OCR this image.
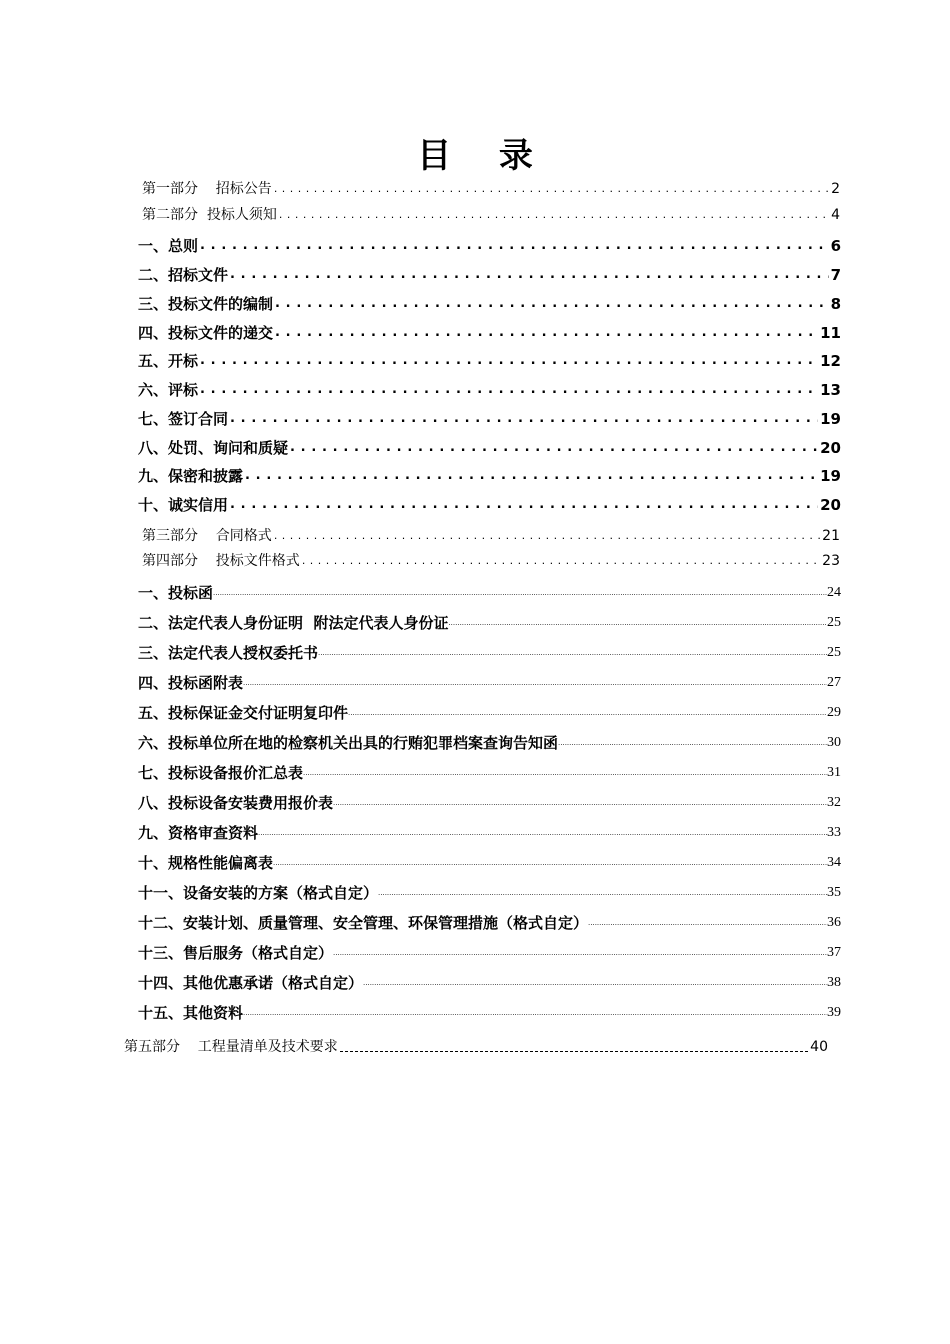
目 录
第一部分    招标公告 . . .	2
第二部分  投标人须知 . . .	4
一、总则 . . .	6
二、招标文件 . . .	7
三、投标文件的编制 . . .	8
四、投标文件的递交 . . .	11
五、开标 . . .	12
六、评标 . . .	13
七、签订合同 . . .	19
八、处罚、询问和质疑 . . .	20
九、保密和披露 . . .	19
十、诚实信用 . . .	20
第三部分    合同格式 . . .	21
第四部分    投标文件格式 . . .	23
一、投标函 .....	24
二、法定代表人身份证明  附法定代表人身份证 .....	25
三、法定代表人授权委托书 .....	25
四、投标函附表 .....	27
五、投标保证金交付证明复印件 .....	29
六、投标单位所在地的检察机关出具的行贿犯罪档案查询告知函 .....	30
七、投标设备报价汇总表 .....	31
八、投标设备安装费用报价表 .....	32
九、资格审查资料 .....	33
十、规格性能偏离表 .....	34
十一、设备安装的方案（格式自定） .....	35
十二、安装计划、质量管理、安全管理、环保管理措施（格式自定） .....	36
十三、售后服务（格式自定） .....	37
十四、其他优惠承诺（格式自定） .....	38
十五、其他资料 .....	39
第五部分    工程量清单及技术要求	40
